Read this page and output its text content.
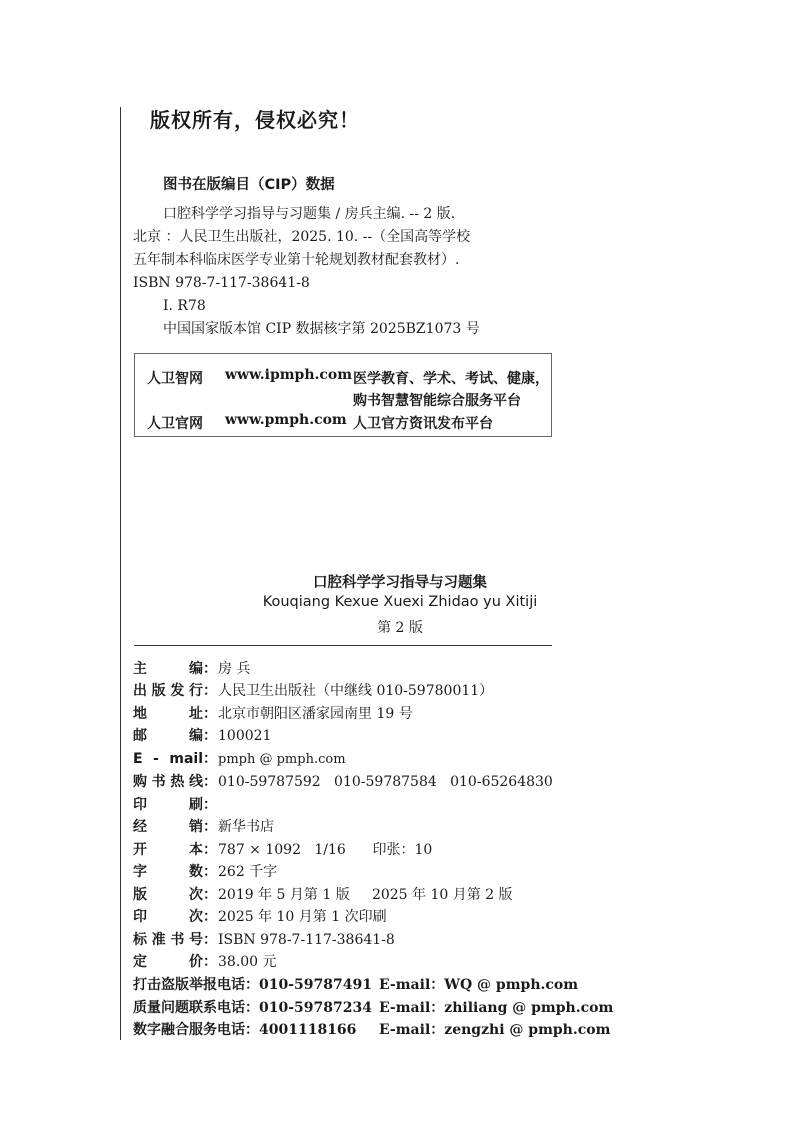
版权所有，侵权必究！
图书在版编目（CIP）数据
口腔科学学习指导与习题集 / 房兵主编. -- 2 版.
北京 ：人民卫生出版社，2025. 10. --（全国高等学校
五年制本科临床医学专业第十轮规划教材配套教材）.
ISBN 978-7-117-38641-8
Ⅰ. R78
中国国家版本馆 CIP 数据核字第 2025BZ1073 号
人卫智网 www.ipmph.com 医学教育、学术、考试、健康，
购书智慧智能综合服务平台
人卫官网 www.pmph.com 人卫官方资讯发布平台
口腔科学学习指导与习题集
Kouqiang Kexue Xuexi Zhidao yu Xitiji
第 2 版
主编 ： 房 兵
出版发行 ： 人民卫生出版社（中继线 010-59780011）
地址 ： 北京市朝阳区潘家园南里 19 号
邮编 ： 100021
E - mail ： pmph @ pmph.com
购书热线 ： 010-59787592   010-59787584   010-65264830
印刷 ：
经销 ： 新华书店
开本 ： 787 × 1092   1/16      印张：10
字数 ： 262 千字
版次 ： 2019 年 5 月第 1 版     2025 年 10 月第 2 版
印次 ： 2025 年 10 月第 1 次印刷
标准书号 ： ISBN 978-7-117-38641-8
定价 ： 38.00 元
打击盗版举报电话： 010-59787491 E-mail：WQ @ pmph.com
质量问题联系电话： 010-59787234 E-mail：zhiliang @ pmph.com
数字融合服务电话： 4001118166	E-mail：zengzhi @ pmph.com
